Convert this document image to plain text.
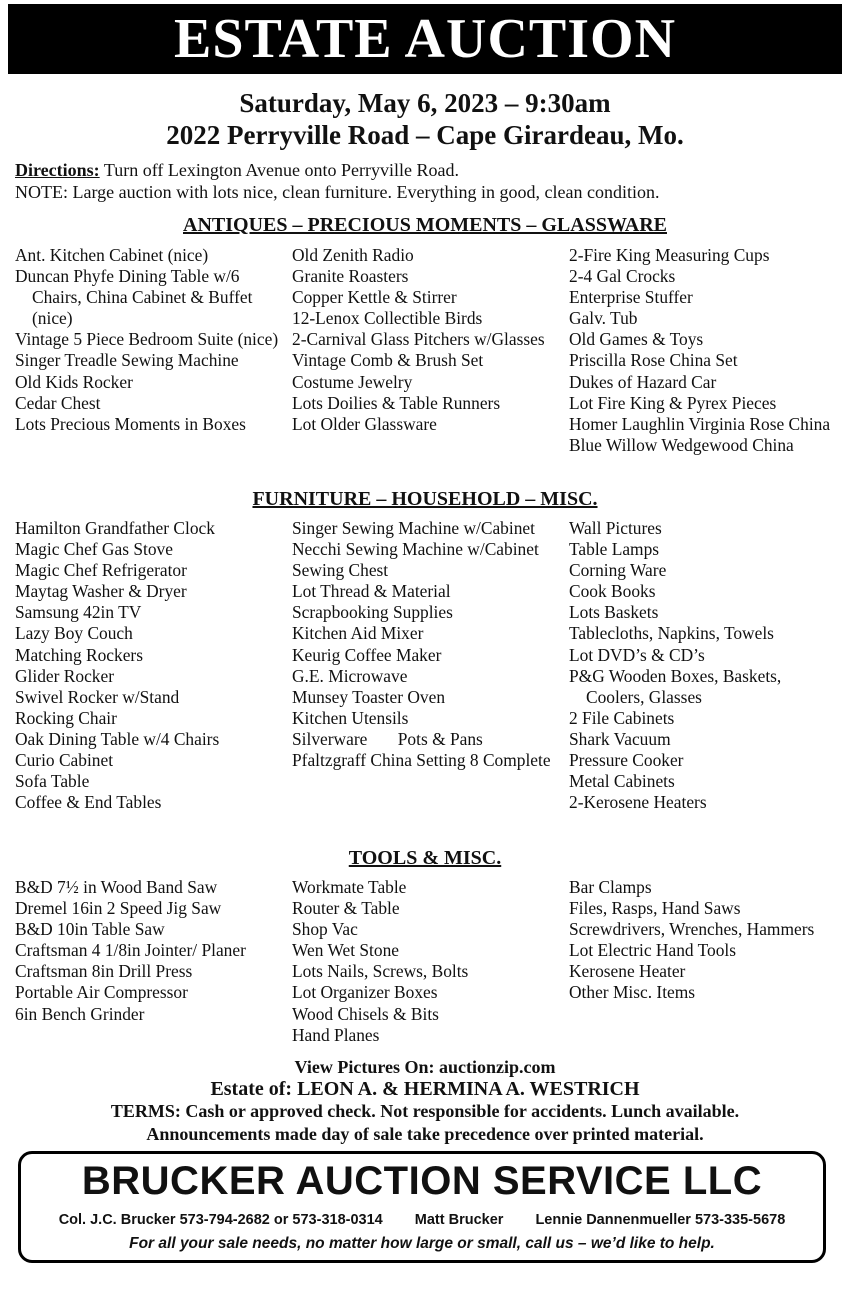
ESTATE AUCTION
Saturday, May 6, 2023 – 9:30am
2022 Perryville Road – Cape Girardeau, Mo.
Directions: Turn off Lexington Avenue onto Perryville Road.
NOTE: Large auction with lots nice, clean furniture. Everything in good, clean condition.
ANTIQUES – PRECIOUS MOMENTS – GLASSWARE
Ant. Kitchen Cabinet (nice)
Duncan Phyfe Dining Table w/6 Chairs, China Cabinet & Buffet (nice)
Vintage 5 Piece Bedroom Suite (nice)
Singer Treadle Sewing Machine
Old Kids Rocker
Cedar Chest
Lots Precious Moments in Boxes
Old Zenith Radio
Granite Roasters
Copper Kettle & Stirrer
12-Lenox Collectible Birds
2-Carnival Glass Pitchers w/Glasses
Vintage Comb & Brush Set
Costume Jewelry
Lots Doilies & Table Runners
Lot Older Glassware
2-Fire King Measuring Cups
2-4 Gal Crocks
Enterprise Stuffer
Galv. Tub
Old Games & Toys
Priscilla Rose China Set
Dukes of Hazard Car
Lot Fire King & Pyrex Pieces
Homer Laughlin Virginia Rose China
Blue Willow Wedgewood China
FURNITURE – HOUSEHOLD – MISC.
Hamilton Grandfather Clock
Magic Chef Gas Stove
Magic Chef Refrigerator
Maytag Washer & Dryer
Samsung 42in TV
Lazy Boy Couch
Matching Rockers
Glider Rocker
Swivel Rocker w/Stand
Rocking Chair
Oak Dining Table w/4 Chairs
Curio Cabinet
Sofa Table
Coffee & End Tables
Singer Sewing Machine w/Cabinet
Necchi Sewing Machine w/Cabinet
Sewing Chest
Lot Thread & Material
Scrapbooking Supplies
Kitchen Aid Mixer
Keurig Coffee Maker
G.E. Microwave
Munsey Toaster Oven
Kitchen Utensils
Silverware       Pots & Pans
Pfaltzgraff China Setting 8 Complete
Wall Pictures
Table Lamps
Corning Ware
Cook Books
Lots Baskets
Tablecloths, Napkins, Towels
Lot DVD’s & CD’s
P&G Wooden Boxes, Baskets, Coolers, Glasses
2 File Cabinets
Shark Vacuum
Pressure Cooker
Metal Cabinets
2-Kerosene Heaters
TOOLS & MISC.
B&D 7½ in Wood Band Saw
Dremel 16in 2 Speed Jig Saw
B&D 10in Table Saw
Craftsman 4 1/8in Jointer/ Planer
Craftsman 8in Drill Press
Portable Air Compressor
6in Bench Grinder
Workmate Table
Router & Table
Shop Vac
Wen Wet Stone
Lots Nails, Screws, Bolts
Lot Organizer Boxes
Wood Chisels & Bits
Hand Planes
Bar Clamps
Files, Rasps, Hand Saws
Screwdrivers, Wrenches, Hammers
Lot Electric Hand Tools
Kerosene Heater
Other Misc. Items
View Pictures On: auctionzip.com
Estate of: LEON A. & HERMINA A. WESTRICH
TERMS: Cash or approved check. Not responsible for accidents. Lunch available.
Announcements made day of sale take precedence over printed material.
BRUCKER AUCTION SERVICE LLC
Col. J.C. Brucker 573-794-2682 or 573-318-0314 Matt Brucker Lennie Dannenmueller 573-335-5678
For all your sale needs, no matter how large or small, call us – we’d like to help.
